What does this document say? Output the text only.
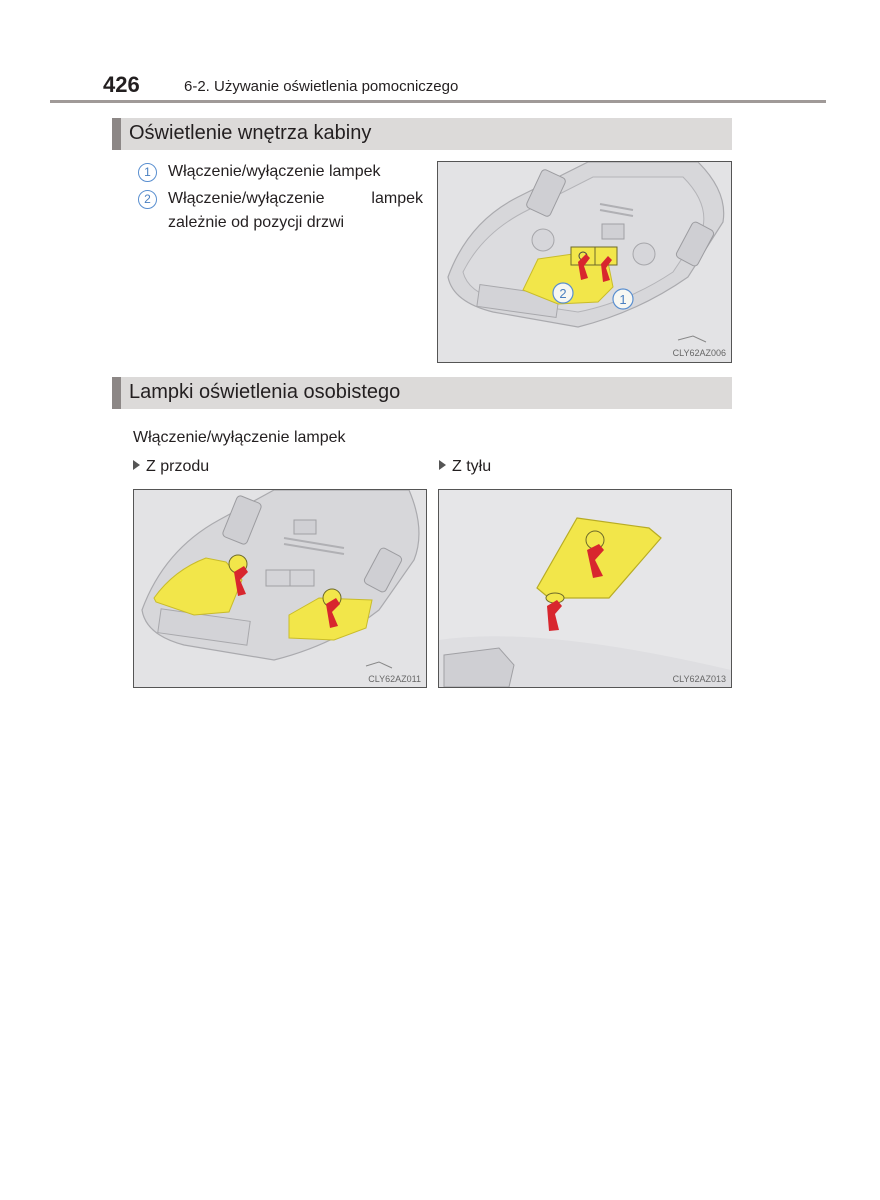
426	6-2. Używanie oświetlenia pomocniczego
Oświetlenie wnętrza kabiny
1	Włączenie/wyłączenie lampek
2	Włączenie/wyłączenie lampek zależnie od pozycji drzwi
2	1
CLY62AZ006
Lampki oświetlenia osobistego
Włączenie/wyłączenie lampek
Z przodu	Z tyłu
CLY62AZ011	CLY62AZ013
